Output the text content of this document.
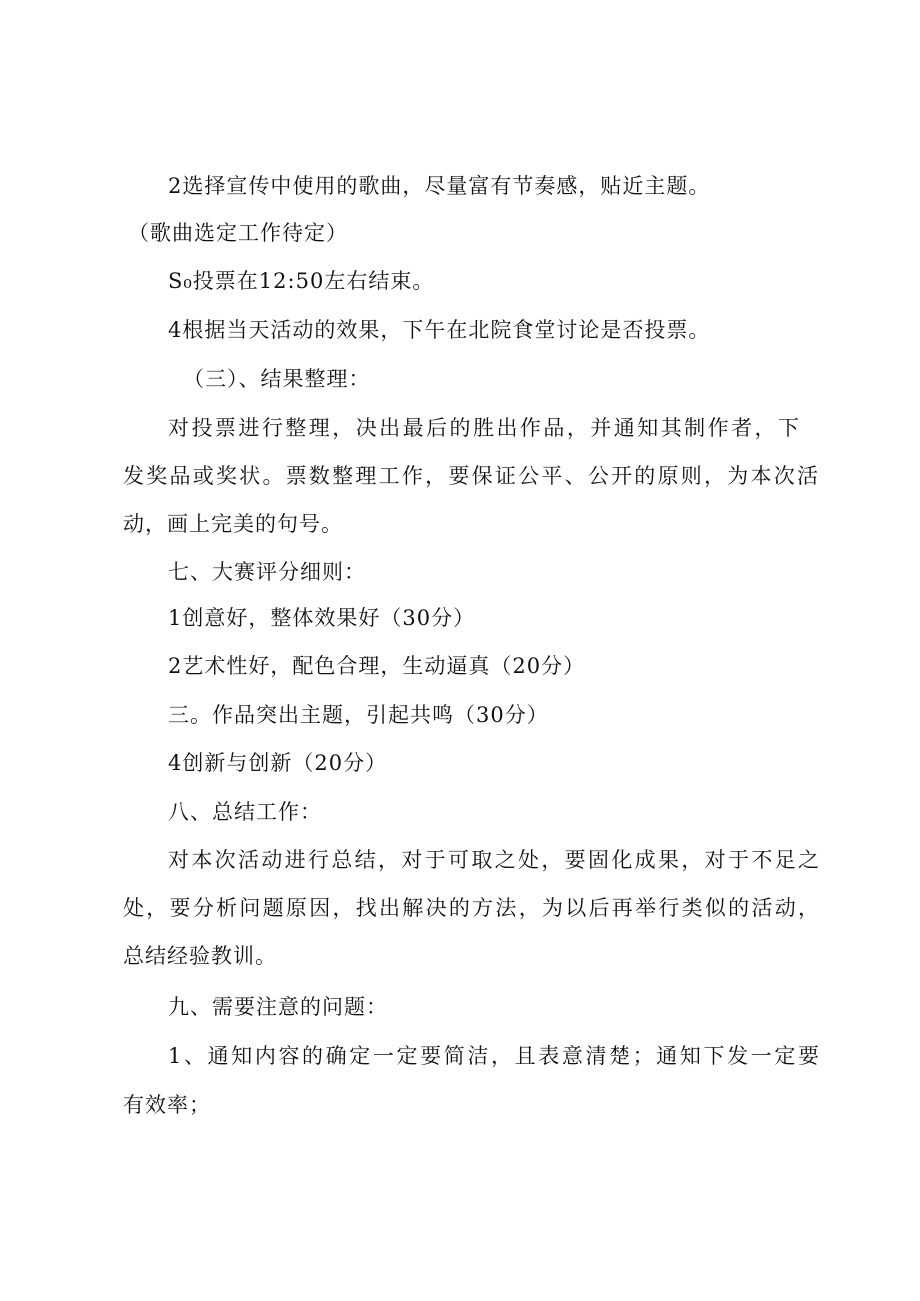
2选择宣传中使用的歌曲，尽量富有节奏感，贴近主题。

（歌曲选定工作待定）

S₀投票在12:50左右结束。

4根据当天活动的效果，下午在北院食堂讨论是否投票。

（三）、结果整理：

对投票进行整理，决出最后的胜出作品，并通知其制作者，下

发奖品或奖状。票数整理工作，要保证公平、公开的原则，为本次活

动，画上完美的句号。

七、大赛评分细则：

1创意好，整体效果好（30分）

2艺术性好，配色合理，生动逼真（20分）

三。作品突出主题，引起共鸣（30分）

4创新与创新（20分）

八、总结工作：

对本次活动进行总结，对于可取之处，要固化成果，对于不足之

处，要分析问题原因，找出解决的方法，为以后再举行类似的活动，

总结经验教训。

九、需要注意的问题：

1、通知内容的确定一定要简洁，且表意清楚；通知下发一定要

有效率；
